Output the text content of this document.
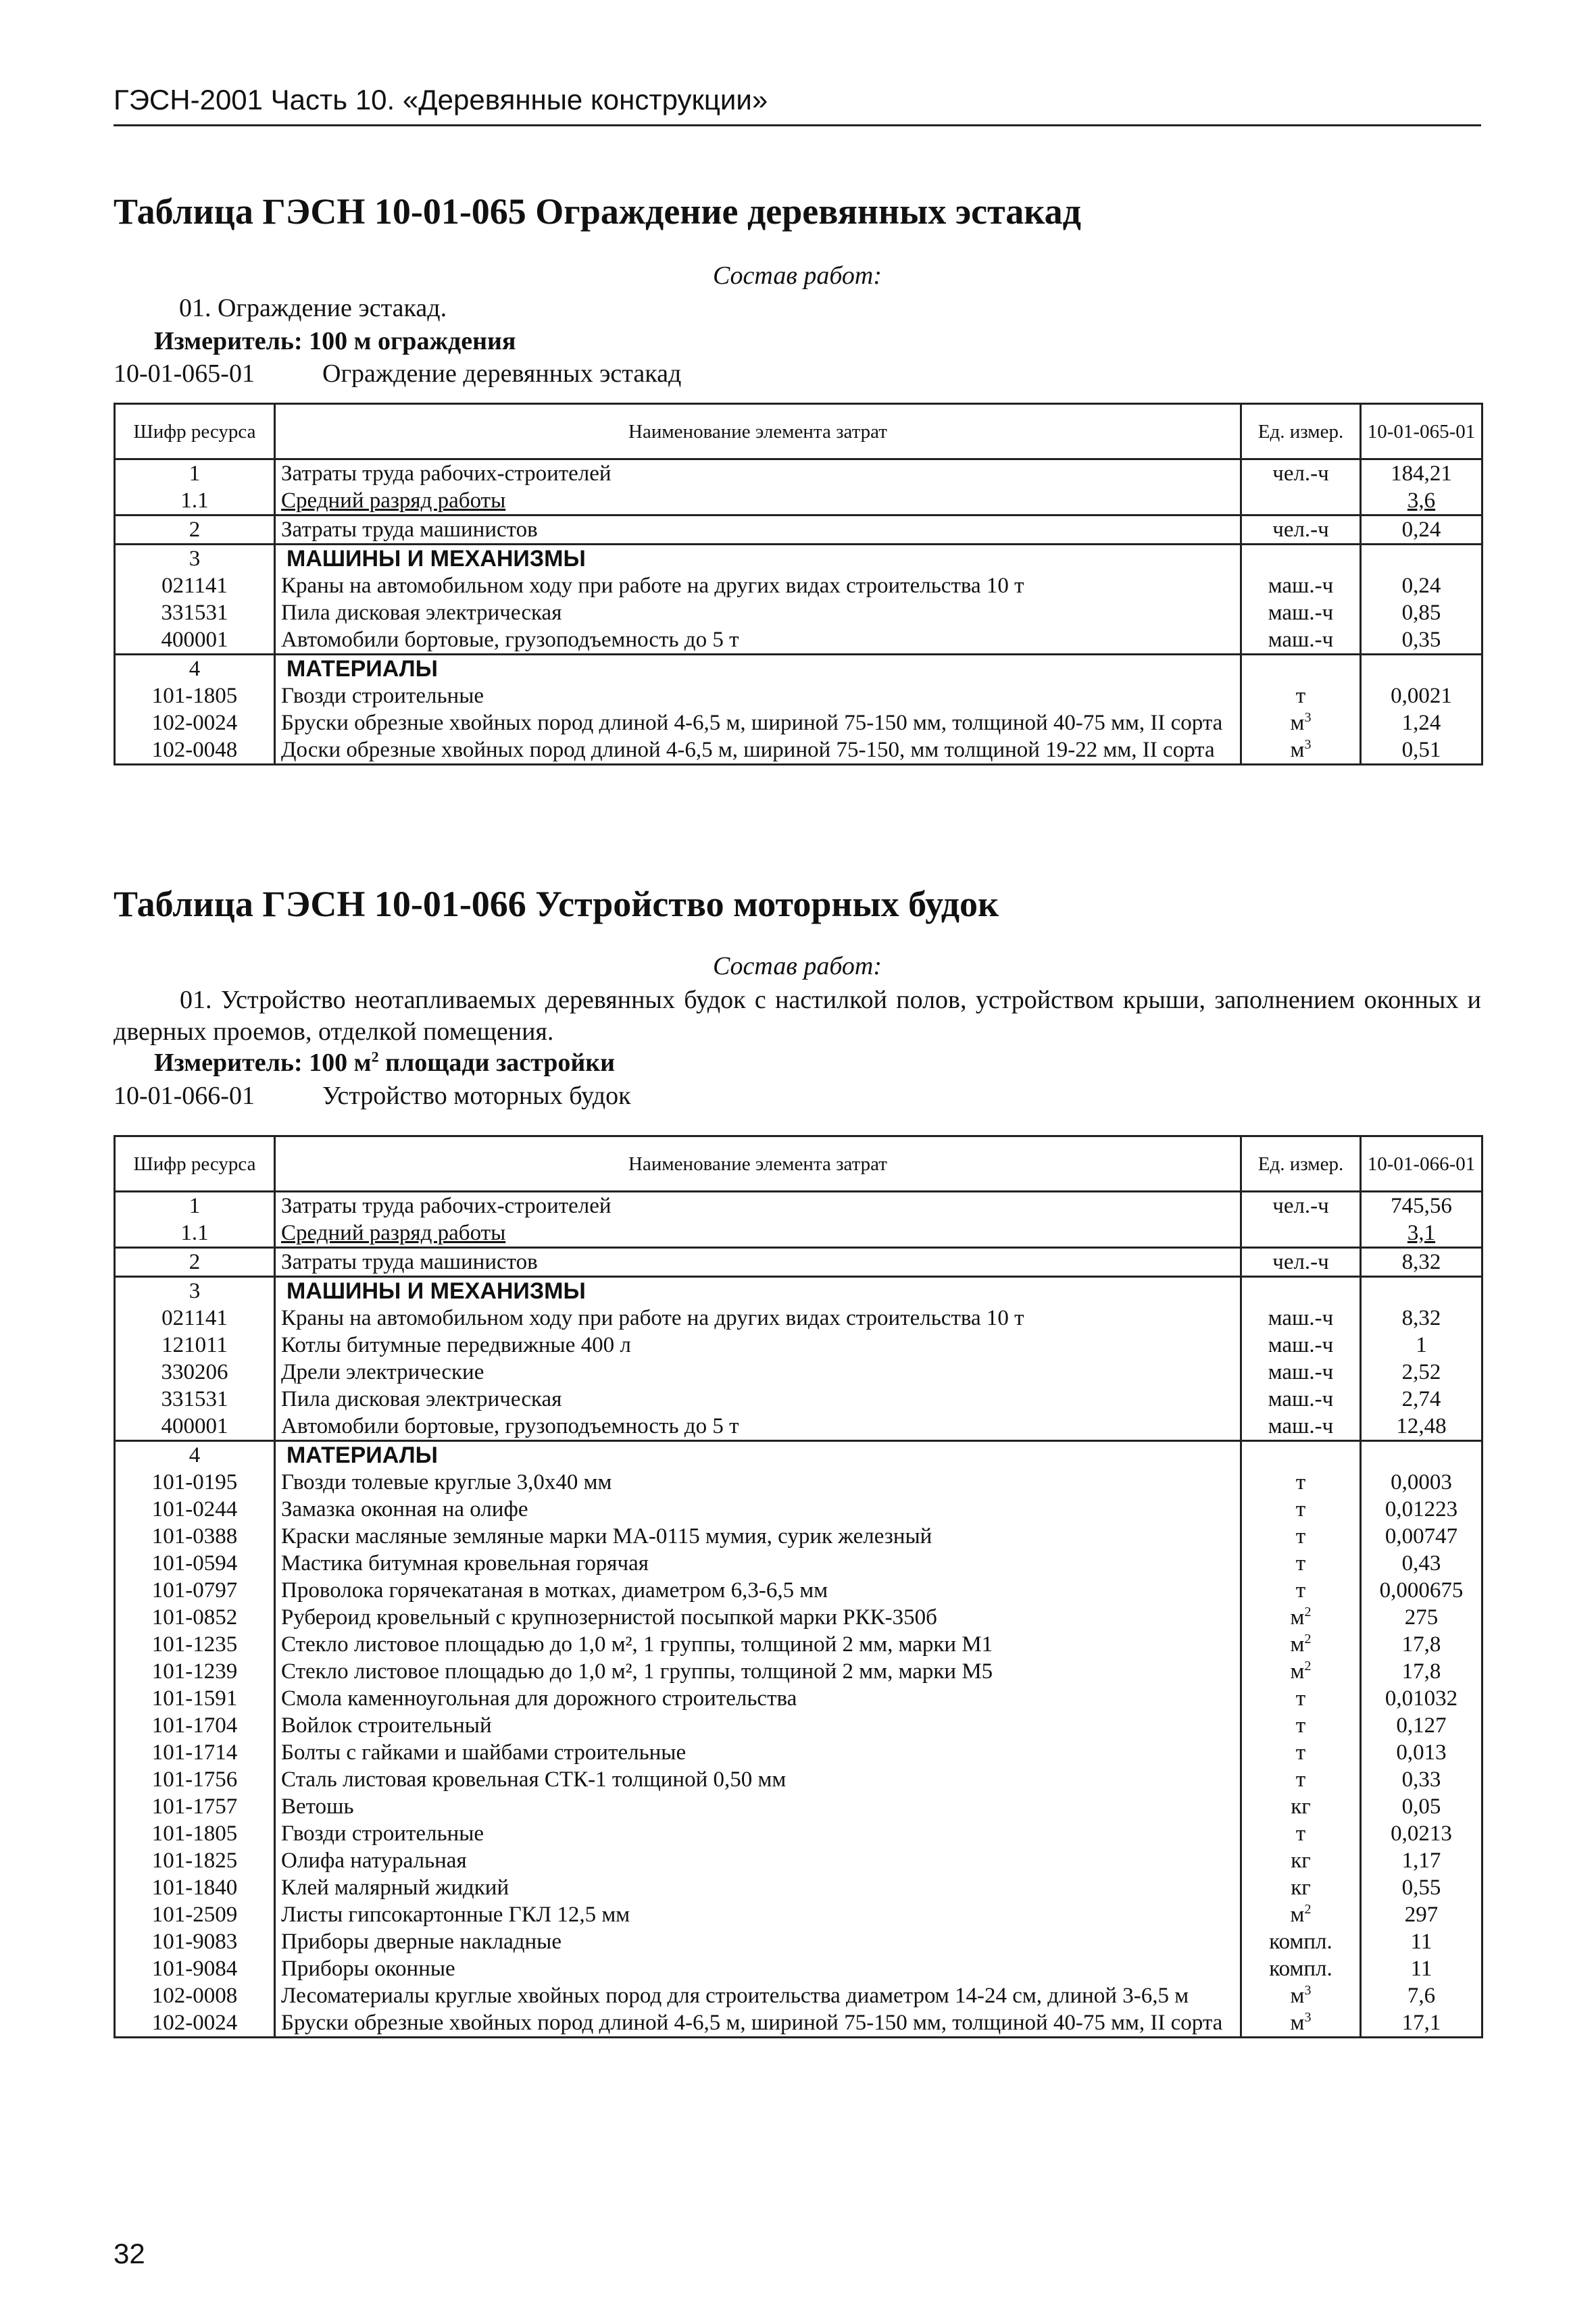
ГЭСН-2001 Часть 10. «Деревянные конструкции»
Таблица ГЭСН 10-01-065 Ограждение деревянных эстакад
Состав работ:
01. Ограждение эстакад.
Измеритель: 100 м ограждения
10-01-065-01	Ограждение деревянных эстакад
Шифр ресурса	Наименование элемента затрат	Ед. измер.	10-01-065-01
1	Затраты труда рабочих-строителей	чел.-ч	184,21
1.1	Средний разряд работы		3,6
2	Затраты труда машинистов	чел.-ч	0,24
3	МАШИНЫ И МЕХАНИЗМЫ		
021141	Краны на автомобильном ходу при работе на других видах строительства 10 т	маш.-ч	0,24
331531	Пила дисковая электрическая	маш.-ч	0,85
400001	Автомобили бортовые, грузоподъемность до 5 т	маш.-ч	0,35
4	МАТЕРИАЛЫ		
101-1805	Гвозди строительные	т	0,0021
102-0024	Бруски обрезные хвойных пород длиной 4-6,5 м, шириной 75-150 мм, толщиной 40-75 мм, II сорта	$м^3$	1,24
102-0048	Доски обрезные хвойных пород длиной 4-6,5 м, шириной 75-150, мм толщиной 19-22 мм, II сорта	$м^3$	0,51
Таблица ГЭСН 10-01-066 Устройство моторных будок
Состав работ:
01. Устройство неотапливаемых деревянных будок с настилкой полов, устройством крыши, заполнением оконных и дверных проемов, отделкой помещения.
Измеритель: 100 $м^2$ площади застройки
10-01-066-01	Устройство моторных будок
Шифр ресурса	Наименование элемента затрат	Ед. измер.	10-01-066-01
1	Затраты труда рабочих-строителей	чел.-ч	745,56
1.1	Средний разряд работы		3,1
2	Затраты труда машинистов	чел.-ч	8,32
3	МАШИНЫ И МЕХАНИЗМЫ		
021141	Краны на автомобильном ходу при работе на других видах строительства 10 т	маш.-ч	8,32
121011	Котлы битумные передвижные 400 л	маш.-ч	1
330206	Дрели электрические	маш.-ч	2,52
331531	Пила дисковая электрическая	маш.-ч	2,74
400001	Автомобили бортовые, грузоподъемность до 5 т	маш.-ч	12,48
4	МАТЕРИАЛЫ		
101-0195	Гвозди толевые круглые 3,0х40 мм	т	0,0003
101-0244	Замазка оконная на олифе	т	0,01223
101-0388	Краски масляные земляные марки МА-0115 мумия, сурик железный	т	0,00747
101-0594	Мастика битумная кровельная горячая	т	0,43
101-0797	Проволока горячекатаная в мотках, диаметром 6,3-6,5 мм	т	0,000675
101-0852	Рубероид кровельный с крупнозернистой посыпкой марки РКК-350б	$м^2$	275
101-1235	Стекло листовое площадью до 1,0 м², 1 группы, толщиной 2 мм, марки М1	$м^2$	17,8
101-1239	Стекло листовое площадью до 1,0 м², 1 группы, толщиной 2 мм, марки М5	$м^2$	17,8
101-1591	Смола каменноугольная для дорожного строительства	т	0,01032
101-1704	Войлок строительный	т	0,127
101-1714	Болты с гайками и шайбами строительные	т	0,013
101-1756	Сталь листовая кровельная СТК-1 толщиной 0,50 мм	т	0,33
101-1757	Ветошь	кг	0,05
101-1805	Гвозди строительные	т	0,0213
101-1825	Олифа натуральная	кг	1,17
101-1840	Клей малярный жидкий	кг	0,55
101-2509	Листы гипсокартонные ГКЛ 12,5 мм	$м^2$	297
101-9083	Приборы дверные накладные	компл.	11
101-9084	Приборы оконные	компл.	11
102-0008	Лесоматериалы круглые хвойных пород для строительства диаметром 14-24 см, длиной 3-6,5 м	$м^3$	7,6
102-0024	Бруски обрезные хвойных пород длиной 4-6,5 м, шириной 75-150 мм, толщиной 40-75 мм, II сорта	$м^3$	17,1
32
